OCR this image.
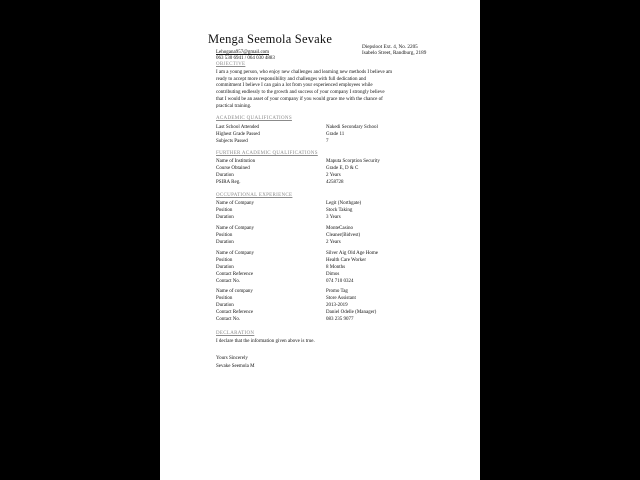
Menga Seemola Sevake
Diepsloot Ext. 4, No. 2205
Isabelo Street, Randburg, 2189
Lehogana957@gmail.com
063 530 6941 / 064 030 4883
OBJECTIVE
I am a young person, who enjoy new challenges and learning new methods I believe am
ready to accept more responsibility and challenges with full dedication and
commitment I believe I can gain a lot from your experienced employees while
contributing endlessly to the growth and success of your company I strongly believe
that I would be an asset of your company if you would grace me with the chance of
practical training.
ACADEMIC QUALIFICATIONS
Last School Attended	Nakedi Secondary School
Highest Grade Passed	Grade 11
Subjects Passed	7
FURTHER ACADEMIC QUALIFICATIONS
Name of Institution	Maputa Scorption Security
Course Obtained	Grade E, D & C
Duration	2 Years
PSIRA Reg.	4258728
OCCUPATIONAL EXPERIENCE
Name of Company	Legit (Northgate)
Position	Stock Taking
Duration	3 Years
Name of Company	MonteCasino
Position	Cleaner(Bidvest)
Duration	2 Years
Name of Company	Silver Aig Old Age Home
Position	Health Care Worker
Duration	8 Months
Contact Reference	Dimos
Contact No.	074 710 0324
Name of company	Promo Tag
Position	Store Assistant
Duration	2013-2019
Contact Reference	Daniel Odelle (Manager)
Contact No.	083 235 9077
DECLARATION
I declare that the information given above is true.
Yours Sincerely
Sevake Seemola M
